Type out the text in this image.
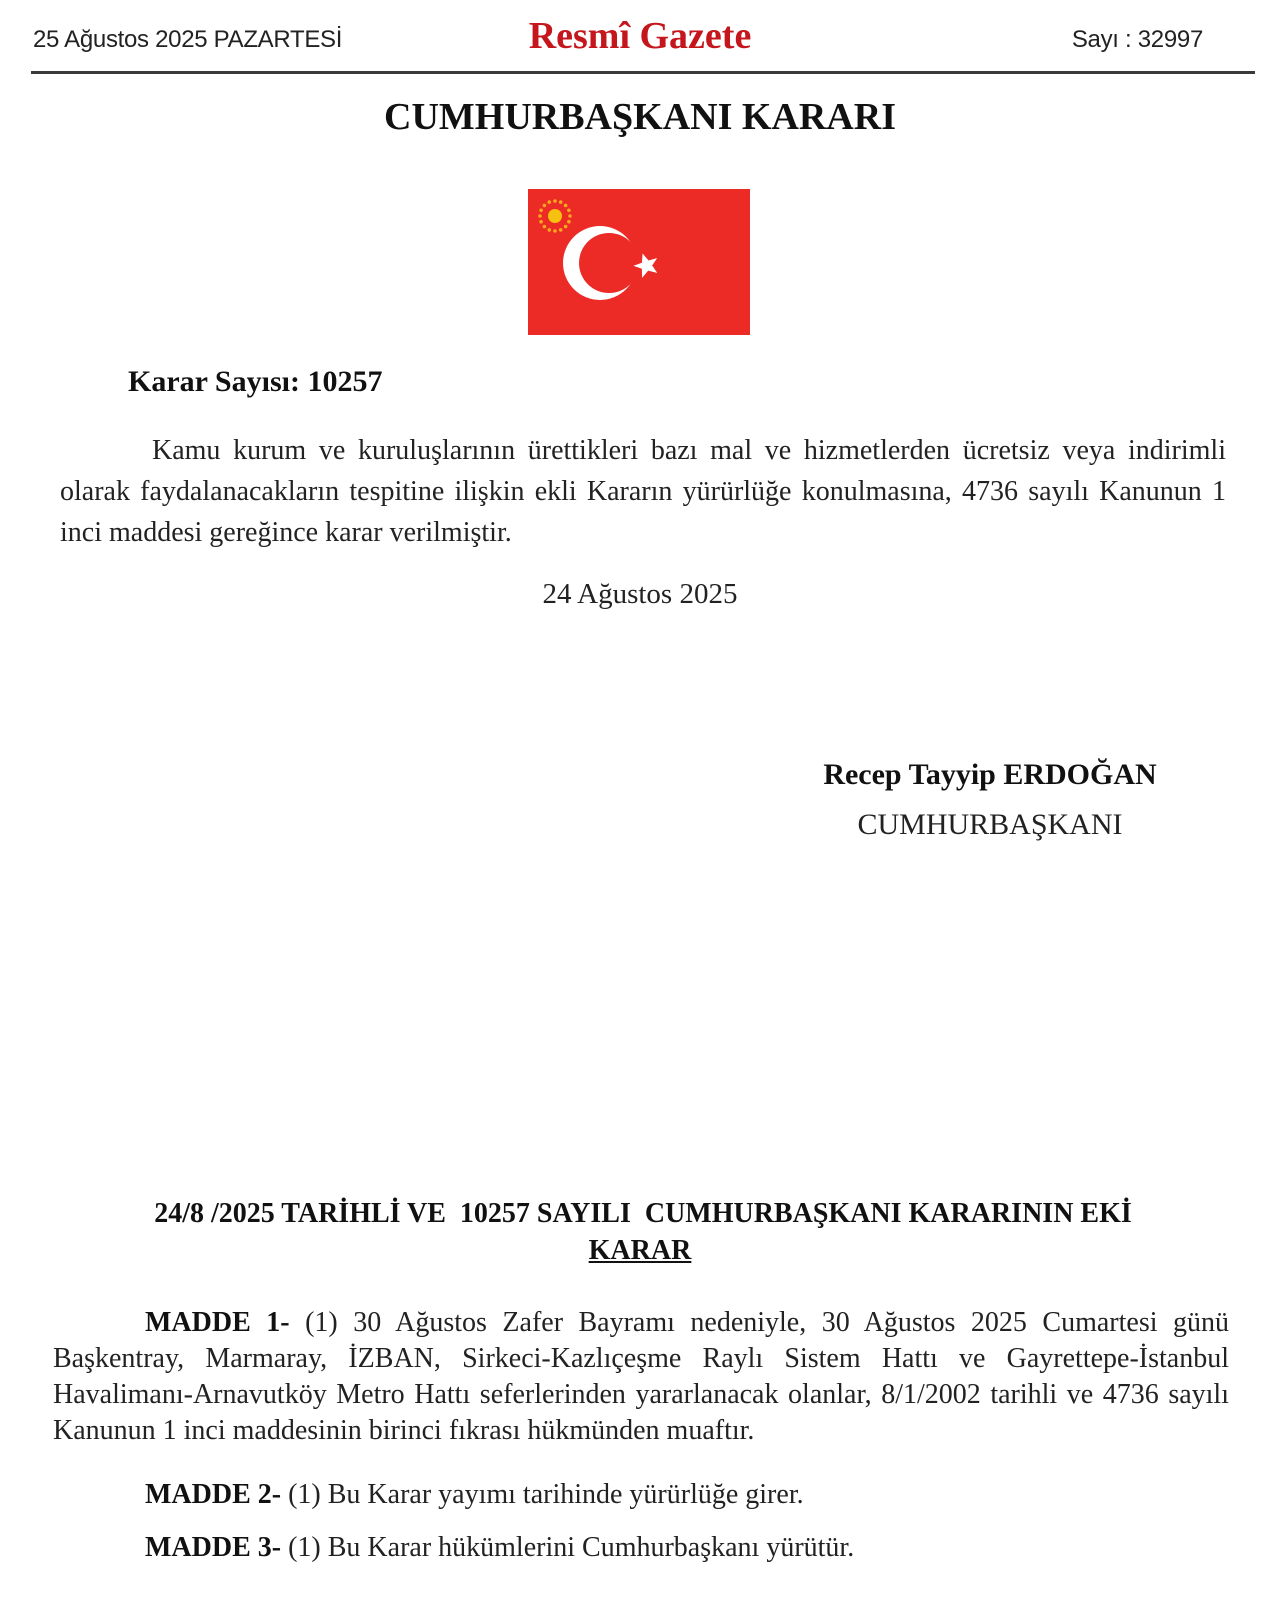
25 Ağustos 2025 PAZARTESİ	Resmî Gazete	Sayı : 32997
CUMHURBAŞKANI KARARI
Karar Sayısı: 10257
Kamu kurum ve kuruluşlarının ürettikleri bazı mal ve hizmetlerden ücretsiz veya indirimli olarak faydalanacakların tespitine ilişkin ekli Kararın yürürlüğe konulmasına, 4736 sayılı Kanunun 1 inci maddesi gereğince karar verilmiştir.
24 Ağustos 2025
Recep Tayyip ERDOĞAN
CUMHURBAŞKANI
24/8 /2025 TARİHLİ VE  10257 SAYILI  CUMHURBAŞKANI KARARININ EKİ
KARAR
MADDE 1- (1) 30 Ağustos Zafer Bayramı nedeniyle, 30 Ağustos 2025 Cumartesi günü Başkentray, Marmaray, İZBAN, Sirkeci-Kazlıçeşme Raylı Sistem Hattı ve Gayrettepe-İstanbul Havalimanı-Arnavutköy Metro Hattı seferlerinden yararlanacak olanlar, 8/1/2002 tarihli ve 4736 sayılı Kanunun 1 inci maddesinin birinci fıkrası hükmünden muaftır.
MADDE 2- (1) Bu Karar yayımı tarihinde yürürlüğe girer.
MADDE 3- (1) Bu Karar hükümlerini Cumhurbaşkanı yürütür.
